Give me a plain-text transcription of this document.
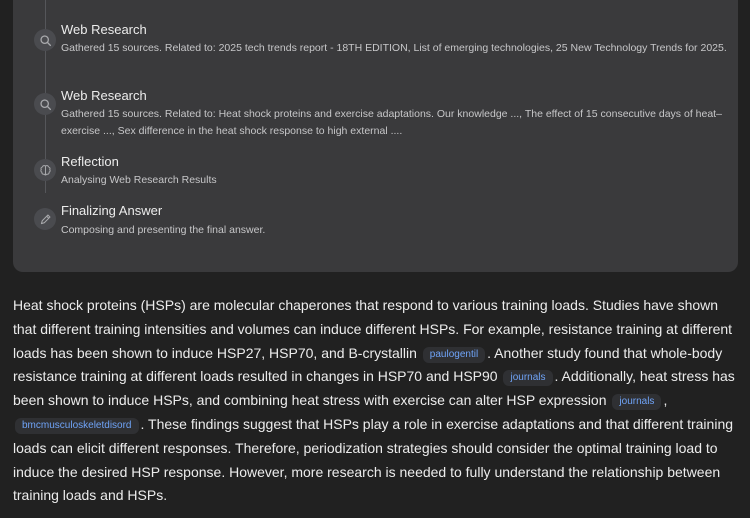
Web Research
Gathered 15 sources. Related to: 2025 tech trends report - 18TH EDITION, List of emerging technologies, 25 New Technology Trends for 2025.
Web Research
Gathered 15 sources. Related to: Heat shock proteins and exercise adaptations. Our knowledge ..., The effect of 15 consecutive days of heat–exercise ..., Sex difference in the heat shock response to high external ....
Reflection
Analysing Web Research Results
Finalizing Answer
Composing and presenting the final answer.
Heat shock proteins (HSPs) are molecular chaperones that respond to various training loads. Studies have shown that different training intensities and volumes can induce different HSPs. For example, resistance training at different loads has been shown to induce HSP27, HSP70, and B-crystallin paulogentil . Another study found that whole-body resistance training at different loads resulted in changes in HSP70 and HSP90 journals . Additionally, heat stress has been shown to induce HSPs, and combining heat stress with exercise can alter HSP expression journals , bmcmusculoskeletdisord . These findings suggest that HSPs play a role in exercise adaptations and that different training loads can elicit different responses. Therefore, periodization strategies should consider the optimal training load to induce the desired HSP response. However, more research is needed to fully understand the relationship between training loads and HSPs.
